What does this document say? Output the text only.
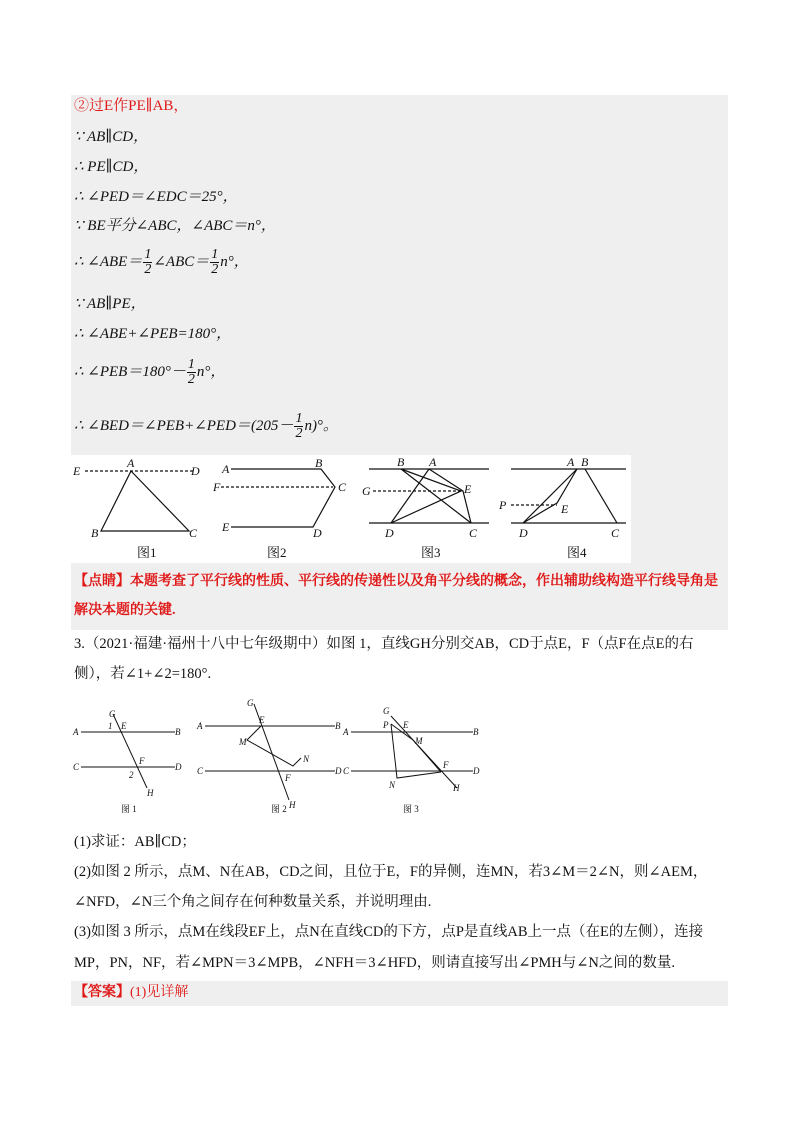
②过E作PE∥AB，
∵ AB∥CD，
∴ PE∥CD，
∴ ∠PED＝∠EDC＝25°，
∵ BE平分∠ABC，∠ABC＝n°，
∴ ∠ABE＝ $\frac{1}{2}$ ∠ABC＝ $\frac{1}{2} n^\circ$，
∵ AB∥PE，
∴ ∠ABE+∠PEB=180°，
∴ ∠PEB＝180°－ $\frac{1}{2} n^\circ$，
∴ ∠BED＝∠PEB+∠PED＝(205－ $\frac{1}{2} n)^\circ$。
E
A
D
B	C
A	B
F	C
E	D
B A
G	E
D	C
A B
P	E
D	C
图1	图2	图3	图4
【点睛】本题考查了平行线的性质、平行线的传递性以及角平分线的概念，作出辅助线构造平行线导角是
解决本题的关键.
3.（2021·福建·福州十八中七年级期中）如图 1，直线GH分别交AB，CD于点E，F（点F在点E的右
侧），若∠1+∠2=180°.
G
1 E
A	B
C
F
2
D
H
G
E
A	B
M
N
C
F
D
H
G
P E
A	B
M
C
F
D
N	H
图 1	图 2	图 3
(1)求证：AB∥CD；
(2)如图 2 所示，点M、N在AB，CD之间，且位于E，F的异侧，连MN，若3∠M＝2∠N，则∠AEM，
∠NFD，∠N三个角之间存在何种数量关系，并说明理由.
(3)如图 3 所示，点M在线段EF上，点N在直线CD的下方，点P是直线AB上一点（在E的左侧），连接
MP，PN，NF，若∠MPN＝3∠MPB，∠NFH＝3∠HFD，则请直接写出∠PMH与∠N之间的数量.
【答案】(1)见详解
